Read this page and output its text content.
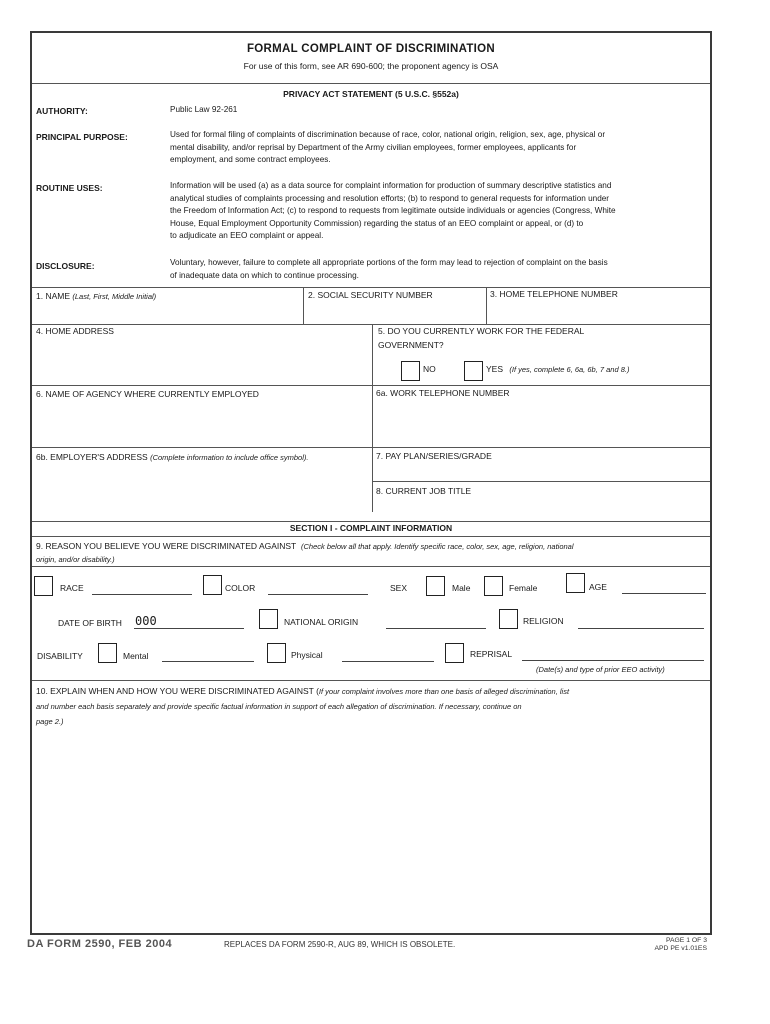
FORMAL COMPLAINT OF DISCRIMINATION
For use of this form, see AR 690-600; the proponent agency is OSA
PRIVACY ACT STATEMENT (5 U.S.C. §552a)
AUTHORITY:	Public Law 92-261
PRINCIPAL PURPOSE:	Used for formal filing of complaints of discrimination because of race, color, national origin, religion, sex, age, physical or
mental disability, and/or reprisal by Department of the Army civilian employees, former employees, applicants for
employment, and some contract employees.
ROUTINE USES:	Information will be used (a) as a data source for complaint information for production of summary descriptive statistics and
analytical studies of complaints processing and resolution efforts; (b) to respond to general requests for information under
the Freedom of Information Act; (c) to respond to requests from legitimate outside individuals or agencies (Congress, White
House, Equal Employment Opportunity Commission) regarding the status of an EEO complaint or appeal, or (d) to
to adjudicate an EEO complaint or appeal.
DISCLOSURE:	Voluntary, however, failure to complete all appropriate portions of the form may lead to rejection of complaint on the basis
of inadequate data on which to continue processing.
1. NAME (Last, First, Middle Initial)	2. SOCIAL SECURITY NUMBER	3. HOME TELEPHONE NUMBER
4. HOME ADDRESS	5. DO YOU CURRENTLY WORK FOR THE FEDERAL
GOVERNMENT?
NO	YES (If yes, complete 6, 6a, 6b, 7 and 8.)
6. NAME OF AGENCY WHERE CURRENTLY EMPLOYED	6a. WORK TELEPHONE NUMBER
6b. EMPLOYER'S ADDRESS (Complete information to include office symbol).	7. PAY PLAN/SERIES/GRADE
8. CURRENT JOB TITLE
SECTION I - COMPLAINT INFORMATION
9. REASON YOU BELIEVE YOU WERE DISCRIMINATED AGAINST (Check below all that apply. Identify specific race, color, sex, age, religion, national
origin, and/or disability.)
RACE	COLOR	SEX	Male	Female	AGE
DATE OF BIRTH 000	NATIONAL ORIGIN	RELIGION
DISABILITY	Mental	Physical	REPRISAL
(Date(s) and type of prior EEO activity)
10. EXPLAIN WHEN AND HOW YOU WERE DISCRIMINATED AGAINST (If your complaint involves more than one basis of alleged discrimination, list
and number each basis separately and provide specific factual information in support of each allegation of discrimination. If necessary, continue on
page 2.)
DA FORM 2590, FEB 2004	REPLACES DA FORM 2590-R, AUG 89, WHICH IS OBSOLETE.	PAGE 1 OF 3
APD PE v1.01ES
